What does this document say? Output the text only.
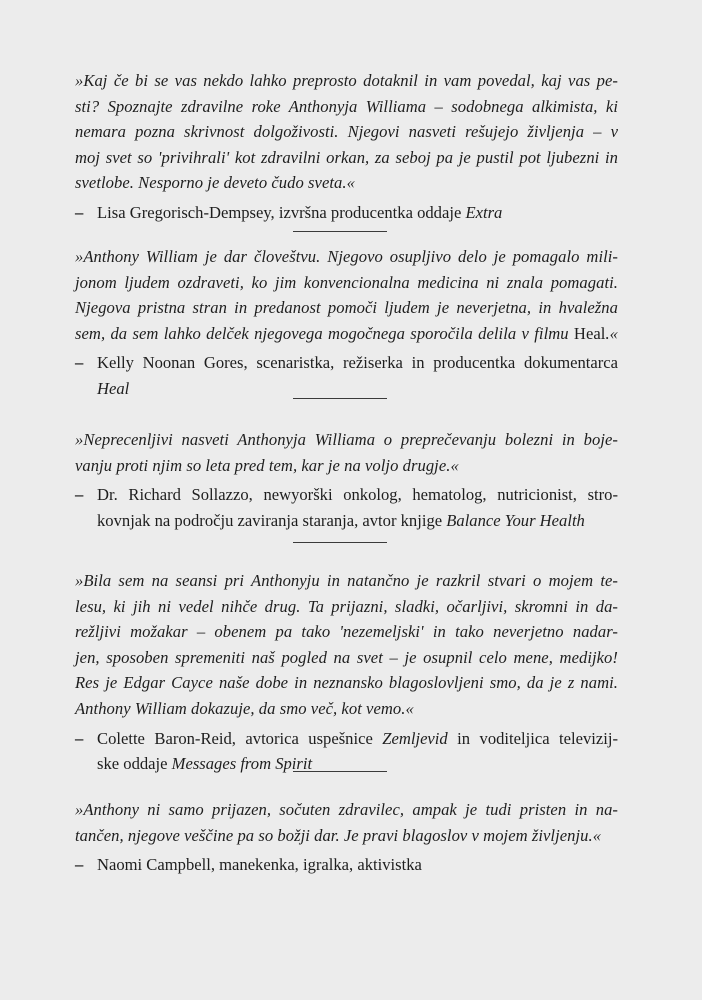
»Kaj če bi se vas nekdo lahko preprosto dotaknil in vam povedal, kaj vas pe-
sti? Spoznajte zdravilne roke Anthonyja Williama – sodobnega alkimista, ki
nemara pozna skrivnost dolgoživosti. Njegovi nasveti rešujejo življenja – v
moj svet so 'privihrali' kot zdravilni orkan, za seboj pa je pustil pot ljubezni in
svetlobe. Nesporno je deveto čudo sveta.«
– Lisa Gregorisch-Dempsey, izvršna producentka oddaje Extra
»Anthony William je dar človeštvu. Njegovo osupljivo delo je pomagalo mili-
jonom ljudem ozdraveti, ko jim konvencionalna medicina ni znala pomagati.
Njegova pristna stran in predanost pomoči ljudem je neverjetna, in hvaležna
sem, da sem lahko delček njegovega mogočnega sporočila delila v filmu Heal.«
– Kelly Noonan Gores, scenaristka, režiserka in producentka dokumentarca
Heal
»Neprecenljivi nasveti Anthonyja Williama o preprečevanju bolezni in boje-
vanju proti njim so leta pred tem, kar je na voljo drugje.«
– Dr. Richard Sollazzo, newyorški onkolog, hematolog, nutricionist, stro-
kovnjak na področju zaviranja staranja, avtor knjige Balance Your Health
»Bila sem na seansi pri Anthonyju in natančno je razkril stvari o mojem te-
lesu, ki jih ni vedel nihče drug. Ta prijazni, sladki, očarljivi, skromni in da-
režljivi možakar – obenem pa tako 'nezemeljski' in tako neverjetno nadar-
jen, sposoben spremeniti naš pogled na svet – je osupnil celo mene, medijko!
Res je Edgar Cayce naše dobe in neznansko blagoslovljeni smo, da je z nami.
Anthony William dokazuje, da smo več, kot vemo.«
– Colette Baron-Reid, avtorica uspešnice Zemljevid in voditeljica televizij-
ske oddaje Messages from Spirit
»Anthony ni samo prijazen, sočuten zdravilec, ampak je tudi pristen in na-
tančen, njegove veščine pa so božji dar. Je pravi blagoslov v mojem življenju.«
– Naomi Campbell, manekenka, igralka, aktivistka
